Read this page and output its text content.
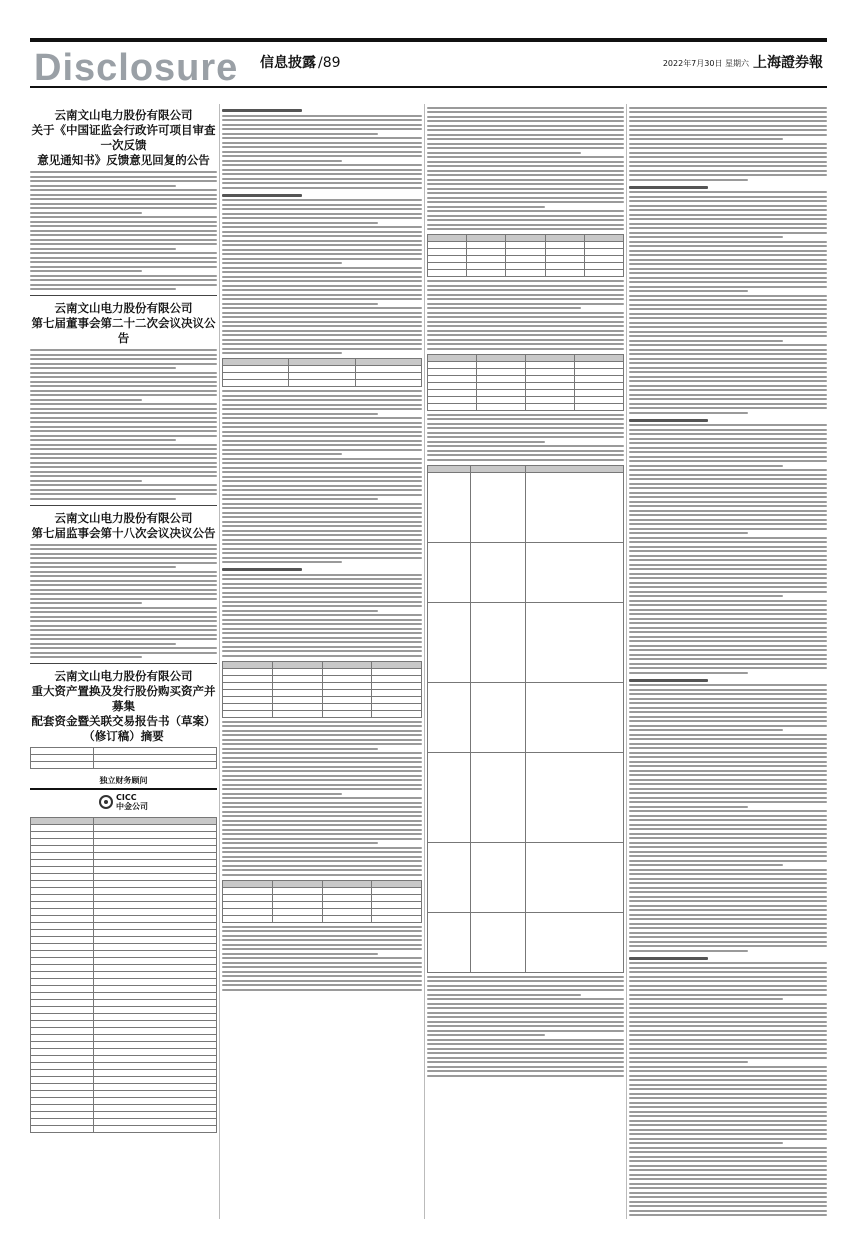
Disclosure 信息披露 /89	2022年7月30日 星期六 上海證券報
云南文山电力股份有限公司
关于《中国证监会行政许可项目审查一次反馈
意见通知书》反馈意见回复的公告
云南文山电力股份有限公司
第七届董事会第二十二次会议决议公告
云南文山电力股份有限公司
第七届监事会第十八次会议决议公告
云南文山电力股份有限公司
重大资产置换及发行股份购买资产并募集
配套资金暨关联交易报告书（草案）（修订稿）摘要

独立财务顾问
CICC
中金公司
